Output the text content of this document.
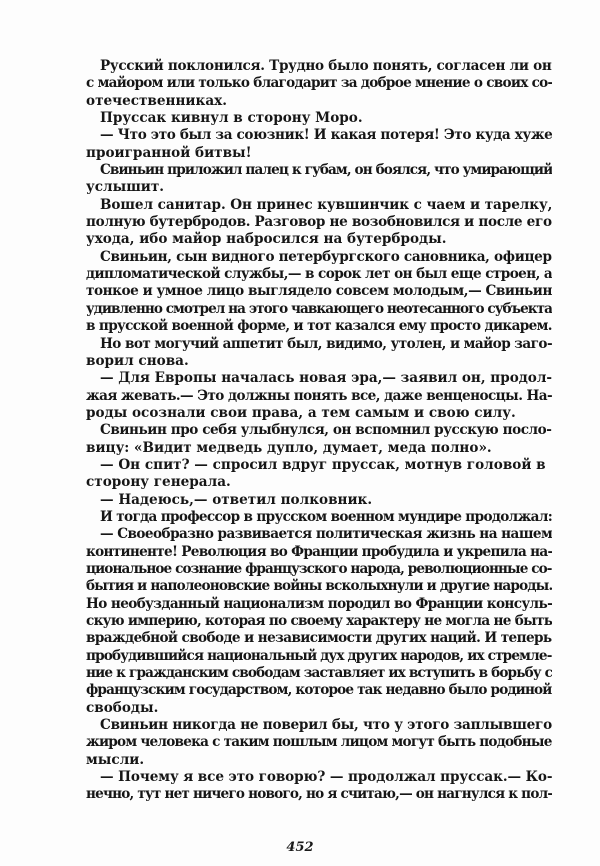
Русский поклонился. Трудно было понять, согласен ли он
с майором или только благодарит за доброе мнение о своих со-
отечественниках.
Пруссак кивнул в сторону Моро.
— Что это был за союзник! И какая потеря! Это куда хуже
проигранной битвы!
Свиньин приложил палец к губам, он боялся, что умирающий
услышит.
Вошел санитар. Он принес кувшинчик с чаем и тарелку,
полную бутербродов. Разговор не возобновился и после его
ухода, ибо майор набросился на бутерброды.
Свиньин, сын видного петербургского сановника, офицер
дипломатической службы,— в сорок лет он был еще строен, а
тонкое и умное лицо выглядело совсем молодым,— Свиньин
удивленно смотрел на этого чавкающего неотесанного субъекта
в прусской военной форме, и тот казался ему просто дикарем.
Но вот могучий аппетит был, видимо, утолен, и майор заго-
ворил снова.
— Для Европы началась новая эра,— заявил он, продол-
жая жевать.— Это должны понять все, даже венценосцы. На-
роды осознали свои права, а тем самым и свою силу.
Свиньин про себя улыбнулся, он вспомнил русскую посло-
вицу: «Видит медведь дупло, думает, меда полно».
— Он спит? — спросил вдруг пруссак, мотнув головой в
сторону генерала.
— Надеюсь,— ответил полковник.
И тогда профессор в прусском военном мундире продолжал:
— Своеобразно развивается политическая жизнь на нашем
континенте! Революция во Франции пробудила и укрепила на-
циональное сознание французского народа, революционные со-
бытия и наполеоновские войны всколыхнули и другие народы.
Но необузданный национализм породил во Франции консуль-
скую империю, которая по своему характеру не могла не быть
враждебной свободе и независимости других наций. И теперь
пробудившийся национальный дух других народов, их стремле-
ние к гражданским свободам заставляет их вступить в борьбу с
французским государством, которое так недавно было родиной
свободы.
Свиньин никогда не поверил бы, что у этого заплывшего
жиром человека с таким пошлым лицом могут быть подобные
мысли.
— Почему я все это говорю? — продолжал пруссак.— Ко-
нечно, тут нет ничего нового, но я считаю,— он нагнулся к пол-
452
